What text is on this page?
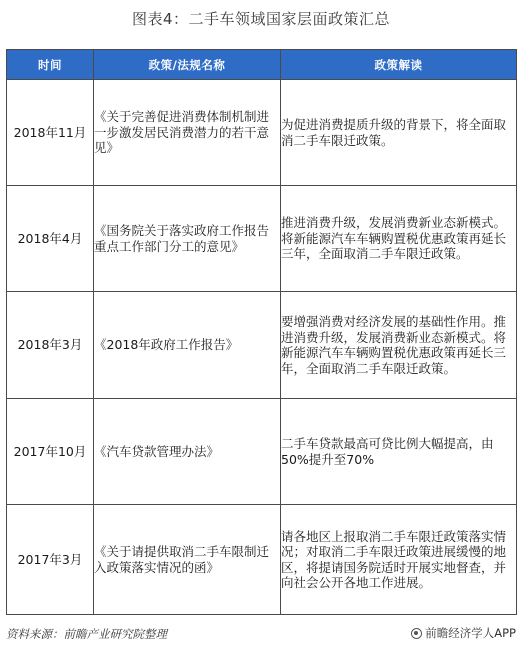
图表4：二手车领域国家层面政策汇总
时间	政策/法规名称	政策解读
2018年11月	《关于完善促进消费体制机制进一步激发居民消费潜力的若干意见》	为促进消费提质升级的背景下，将全面取消二手车限迁政策。
2018年4月	《国务院关于落实政府工作报告重点工作部门分工的意见》	推进消费升级，发展消费新业态新模式。将新能源汽车车辆购置税优惠政策再延长三年，全面取消二手车限迁政策。
2018年3月	《2018年政府工作报告》	要增强消费对经济发展的基础性作用。推进消费升级，发展消费新业态新模式。将新能源汽车车辆购置税优惠政策再延长三年，全面取消二手车限迁政策。
2017年10月	《汽车贷款管理办法》	二手车贷款最高可贷比例大幅提高，由50%提升至70%
2017年3月	《关于请提供取消二手车限制迁入政策落实情况的函》	请各地区上报取消二手车限迁政策落实情况；对取消二手车限迁政策进展缓慢的地区，将提请国务院适时开展实地督查，并向社会公开各地工作进展。
资料来源：前瞻产业研究院整理	前瞻经济学人APP
